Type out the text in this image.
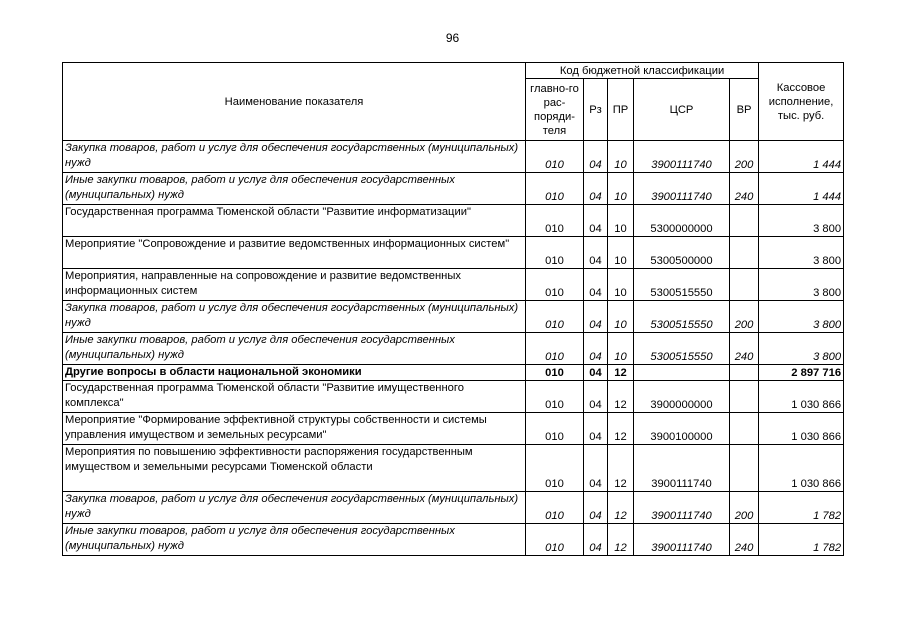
96
Наименование показателя	Код бюджетной классификации					Кассовое исполнение, тыс. руб.
	главно-го рас-поряди-теля	Рз	ПР	ЦСР	ВР	
Закупка товаров, работ и услуг для обеспечения государственных (муниципальных) нужд	010	04	10	3900111740	200	1 444
Иные закупки товаров, работ и услуг для обеспечения государственных (муниципальных) нужд	010	04	10	3900111740	240	1 444
Государственная программа Тюменской области "Развитие информатизации"	010	04	10	5300000000		3 800
Мероприятие "Сопровождение и развитие ведомственных информационных систем"	010	04	10	5300500000		3 800
Мероприятия, направленные на сопровождение и развитие ведомственных информационных систем	010	04	10	5300515550		3 800
Закупка товаров, работ и услуг для обеспечения государственных (муниципальных) нужд	010	04	10	5300515550	200	3 800
Иные закупки товаров, работ и услуг для обеспечения государственных (муниципальных) нужд	010	04	10	5300515550	240	3 800
Другие вопросы в области национальной экономики	010	04	12			2 897 716
Государственная программа Тюменской области "Развитие имущественного комплекса"	010	04	12	3900000000		1 030 866
Мероприятие "Формирование эффективной структуры собственности и системы управления имуществом и земельных ресурсами"	010	04	12	3900100000		1 030 866
Мероприятия по повышению эффективности распоряжения государственным имуществом и земельными ресурсами Тюменской области	010	04	12	3900111740		1 030 866
Закупка товаров, работ и услуг для обеспечения государственных (муниципальных) нужд	010	04	12	3900111740	200	1 782
Иные закупки товаров, работ и услуг для обеспечения государственных (муниципальных) нужд	010	04	12	3900111740	240	1 782
